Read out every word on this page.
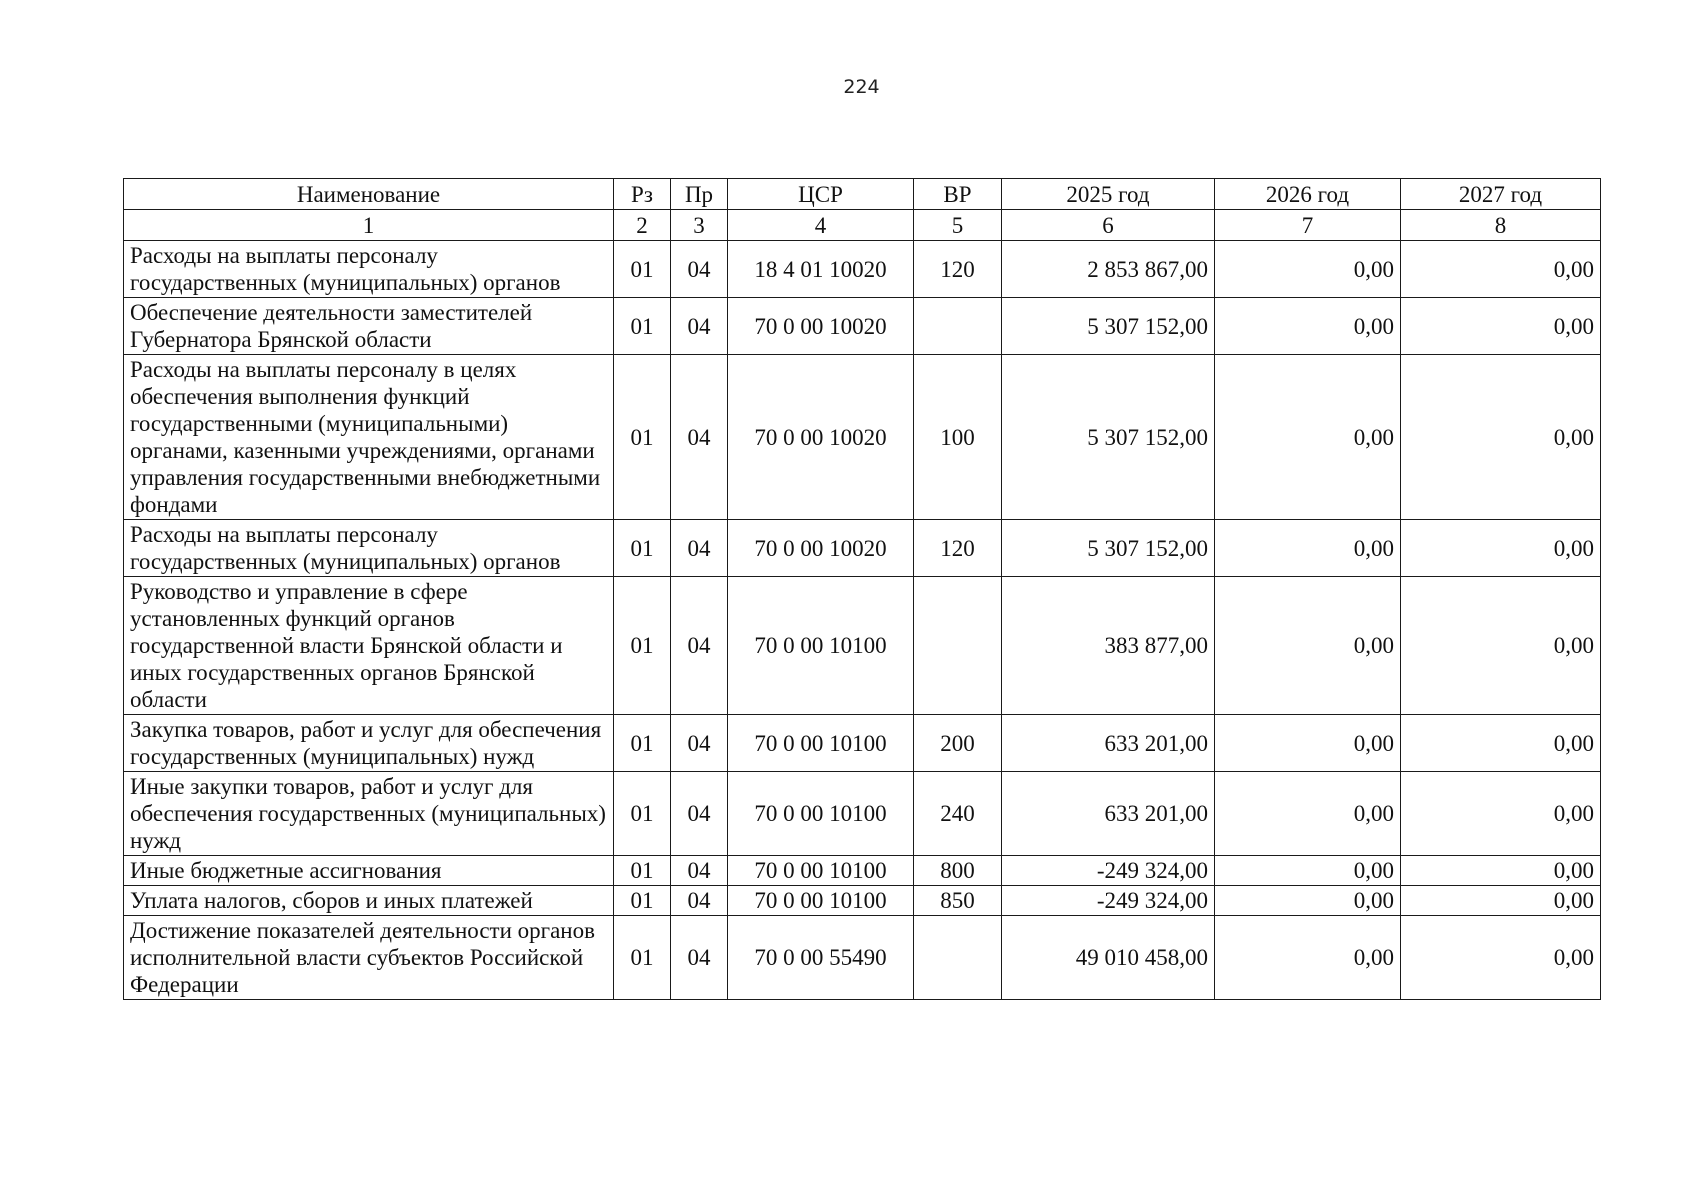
224
Наименование	Рз	Пр	ЦСР	ВР	2025 год	2026 год	2027 год
1	2	3	4	5	6	7	8
Расходы на выплаты персоналу государственных (муниципальных) органов	01	04	18 4 01 10020	120	2 853 867,00	0,00	0,00
Обеспечение деятельности заместителей Губернатора Брянской области	01	04	70 0 00 10020		5 307 152,00	0,00	0,00
Расходы на выплаты персоналу в целях обеспечения выполнения функций государственными (муниципальными) органами, казенными учреждениями, органами управления государственными внебюджетными фондами	01	04	70 0 00 10020	100	5 307 152,00	0,00	0,00
Расходы на выплаты персоналу государственных (муниципальных) органов	01	04	70 0 00 10020	120	5 307 152,00	0,00	0,00
Руководство и управление в сфере установленных функций органов государственной власти Брянской области и иных государственных органов Брянской области	01	04	70 0 00 10100		383 877,00	0,00	0,00
Закупка товаров, работ и услуг для обеспечения государственных (муниципальных) нужд	01	04	70 0 00 10100	200	633 201,00	0,00	0,00
Иные закупки товаров, работ и услуг для обеспечения государственных (муниципальных) нужд	01	04	70 0 00 10100	240	633 201,00	0,00	0,00
Иные бюджетные ассигнования	01	04	70 0 00 10100	800	-249 324,00	0,00	0,00
Уплата налогов, сборов и иных платежей	01	04	70 0 00 10100	850	-249 324,00	0,00	0,00
Достижение показателей деятельности органов исполнительной власти субъектов Российской Федерации	01	04	70 0 00 55490		49 010 458,00	0,00	0,00
